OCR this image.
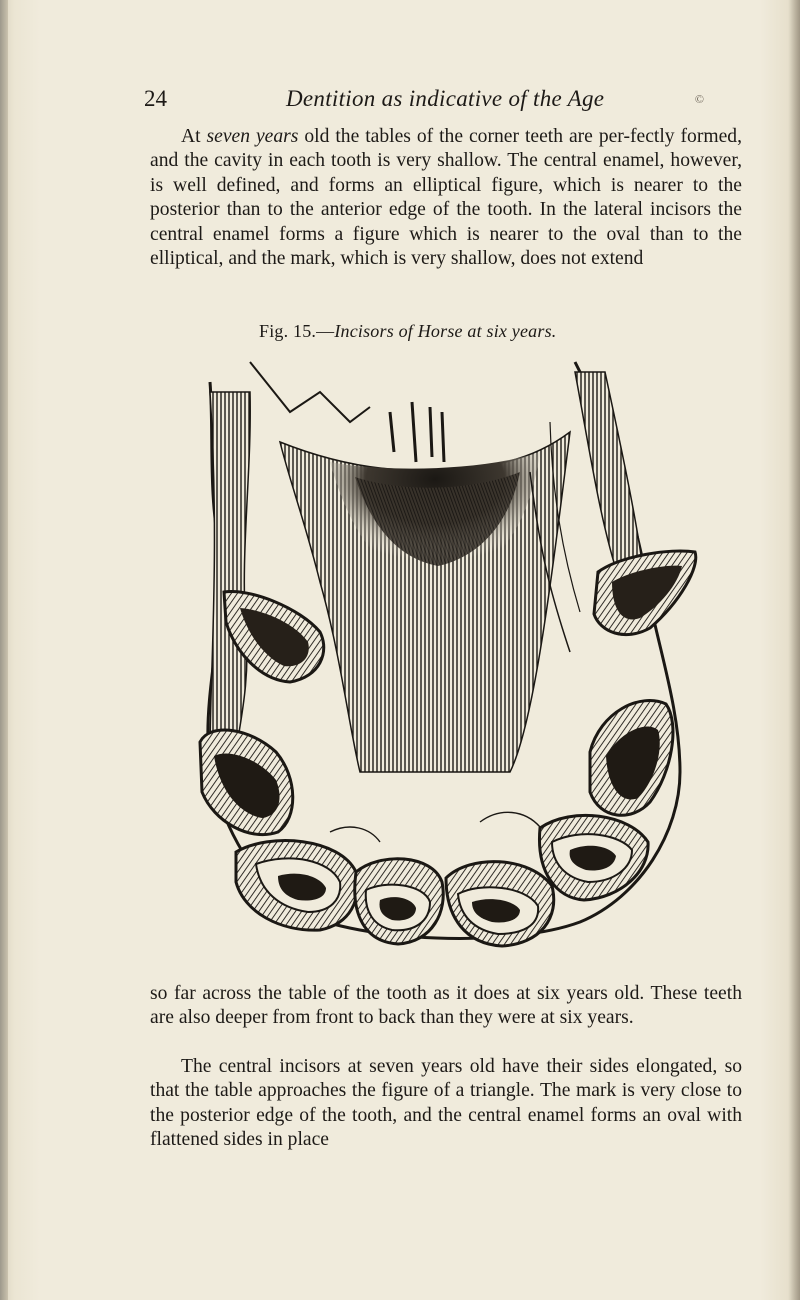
24	Dentition as indicative of the Age	©

At seven years old the tables of the corner teeth are per-fectly formed, and the cavity in each tooth is very shallow. The central enamel, however, is well defined, and forms an elliptical figure, which is nearer to the posterior than to the anterior edge of the tooth. In the lateral incisors the central enamel forms a figure which is nearer to the oval than to the elliptical, and the mark, which is very shallow, does not extend

Fig. 15.—Incisors of Horse at six years.

so far across the table of the tooth as it does at six years old. These teeth are also deeper from front to back than they were at six years.

The central incisors at seven years old have their sides elongated, so that the table approaches the figure of a triangle. The mark is very close to the posterior edge of the tooth, and the central enamel forms an oval with flattened sides in place
